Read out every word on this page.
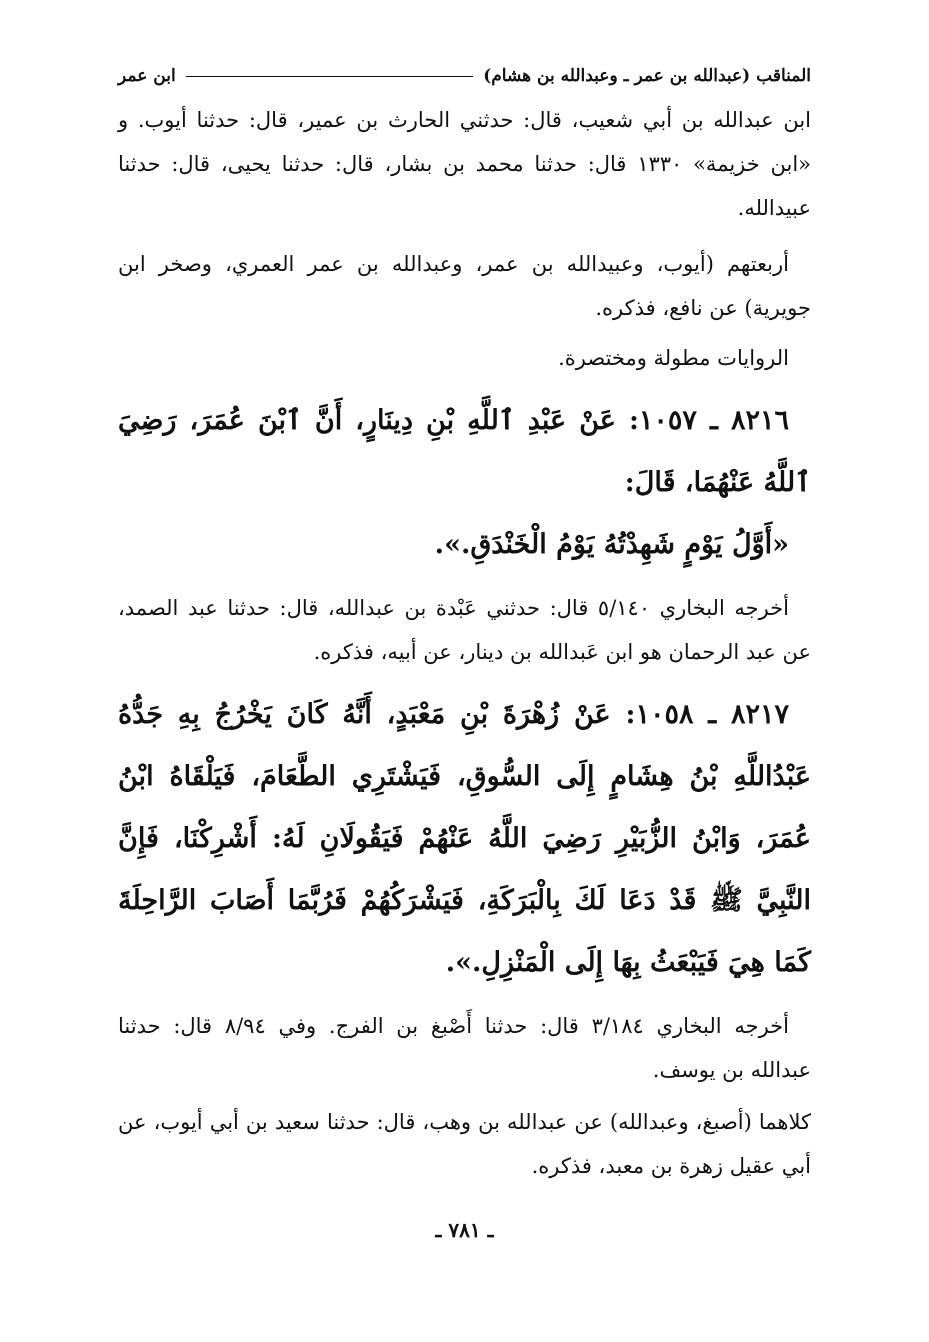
المناقب (عبدالله بن عمر ـ وعبدالله بن هشام)
ابن عمر

ابن عبدالله بن أبي شعيب، قال: حدثني الحارث بن عمير، قال: حدثنا أيوب. و «ابن خزيمة» ١٣٣٠ قال: حدثنا محمد بن بشار، قال: حدثنا يحيى، قال: حدثنا عبيدالله.

أربعتهم (أيوب، وعبيدالله بن عمر، وعبدالله بن عمر العمري، وصخر ابن جويرية) عن نافع، فذكره.

الروايات مطولة ومختصرة.

٨٢١٦ ـ ١٠٥٧: عَنْ عَبْدِ ٱللَّهِ بْنِ دِينَارٍ، أَنَّ ٱبْنَ عُمَرَ، رَضِيَ ٱللَّهُ عَنْهُمَا، قَالَ:

«أَوَّلُ يَوْمٍ شَهِدْتُهُ يَوْمُ الْخَنْدَقِ.».

أخرجه البخاري ٥/١٤٠ قال: حدثني عَبْدة بن عبدالله، قال: حدثنا عبد الصمد، عن عبد الرحمان هو ابن عَبدالله بن دينار، عن أبيه، فذكره.

٨٢١٧ ـ ١٠٥٨: عَنْ زُهْرَةَ بْنِ مَعْبَدٍ، أَنَّهُ كَانَ يَخْرُجُ بِهِ جَدُّهُ عَبْدُاللَّهِ بْنُ هِشَامٍ إِلَى السُّوقِ، فَيَشْتَرِي الطَّعَامَ، فَيَلْقَاهُ ابْنُ عُمَرَ، وَابْنُ الزُّبَيْرِ رَضِيَ اللَّهُ عَنْهُمْ فَيَقُولَانِ لَهُ: أَشْرِكْنَا، فَإِنَّ النَّبِيَّ ﷺ قَدْ دَعَا لَكَ بِالْبَرَكَةِ، فَيَشْرَكُهُمْ فَرُبَّمَا أَصَابَ الرَّاحِلَةَ كَمَا هِيَ فَيَبْعَثُ بِهَا إِلَى الْمَنْزِلِ.».

أخرجه البخاري ٣/١٨٤ قال: حدثنا أَصْبغ بن الفرج. وفي ٨/٩٤ قال: حدثنا عبدالله بن يوسف.

كلاهما (أصبغ، وعبدالله) عن عبدالله بن وهب، قال: حدثنا سعيد بن أبي أيوب، عن أبي عقيل زهرة بن معبد، فذكره.

ـ ٧٨١ ـ
